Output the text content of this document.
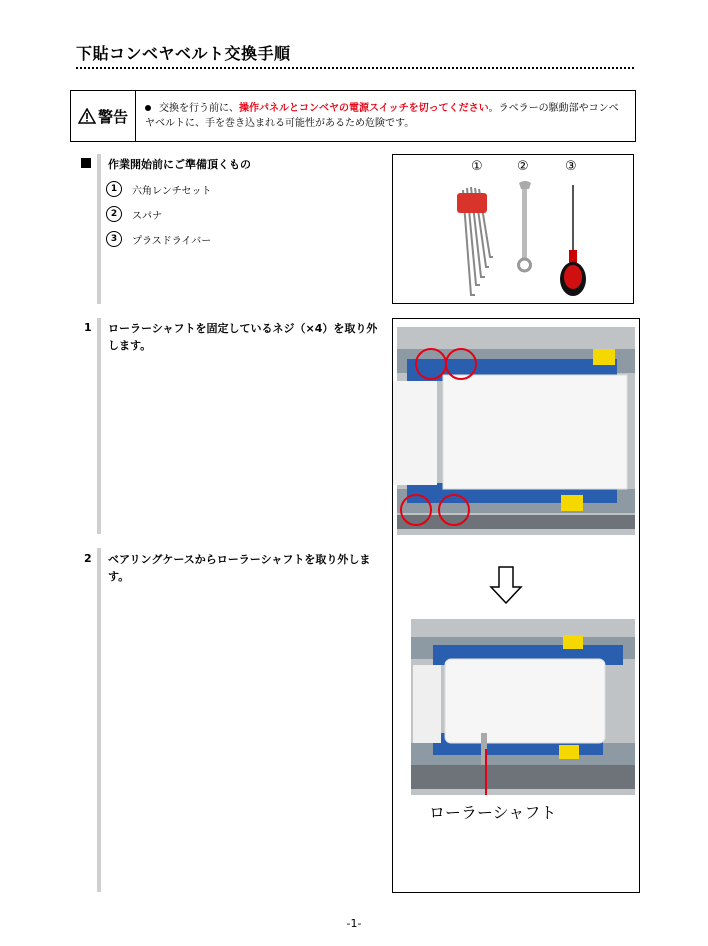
下貼コンベヤベルト交換手順
警告	交換を行う前に、操作パネルとコンベヤの電源スイッチを切ってください。ラベラーの駆動部やコンベヤベルトに、手を巻き込まれる可能性があるため危険です。
作業開始前にご準備頂くもの
1	六角レンチセット
2	スパナ
3	プラスドライバー
①	②	③
1 ローラーシャフトを固定しているネジ（×4）を取り外します。
2 ベアリングケースからローラーシャフトを取り外します。
ローラーシャフト
-1-
